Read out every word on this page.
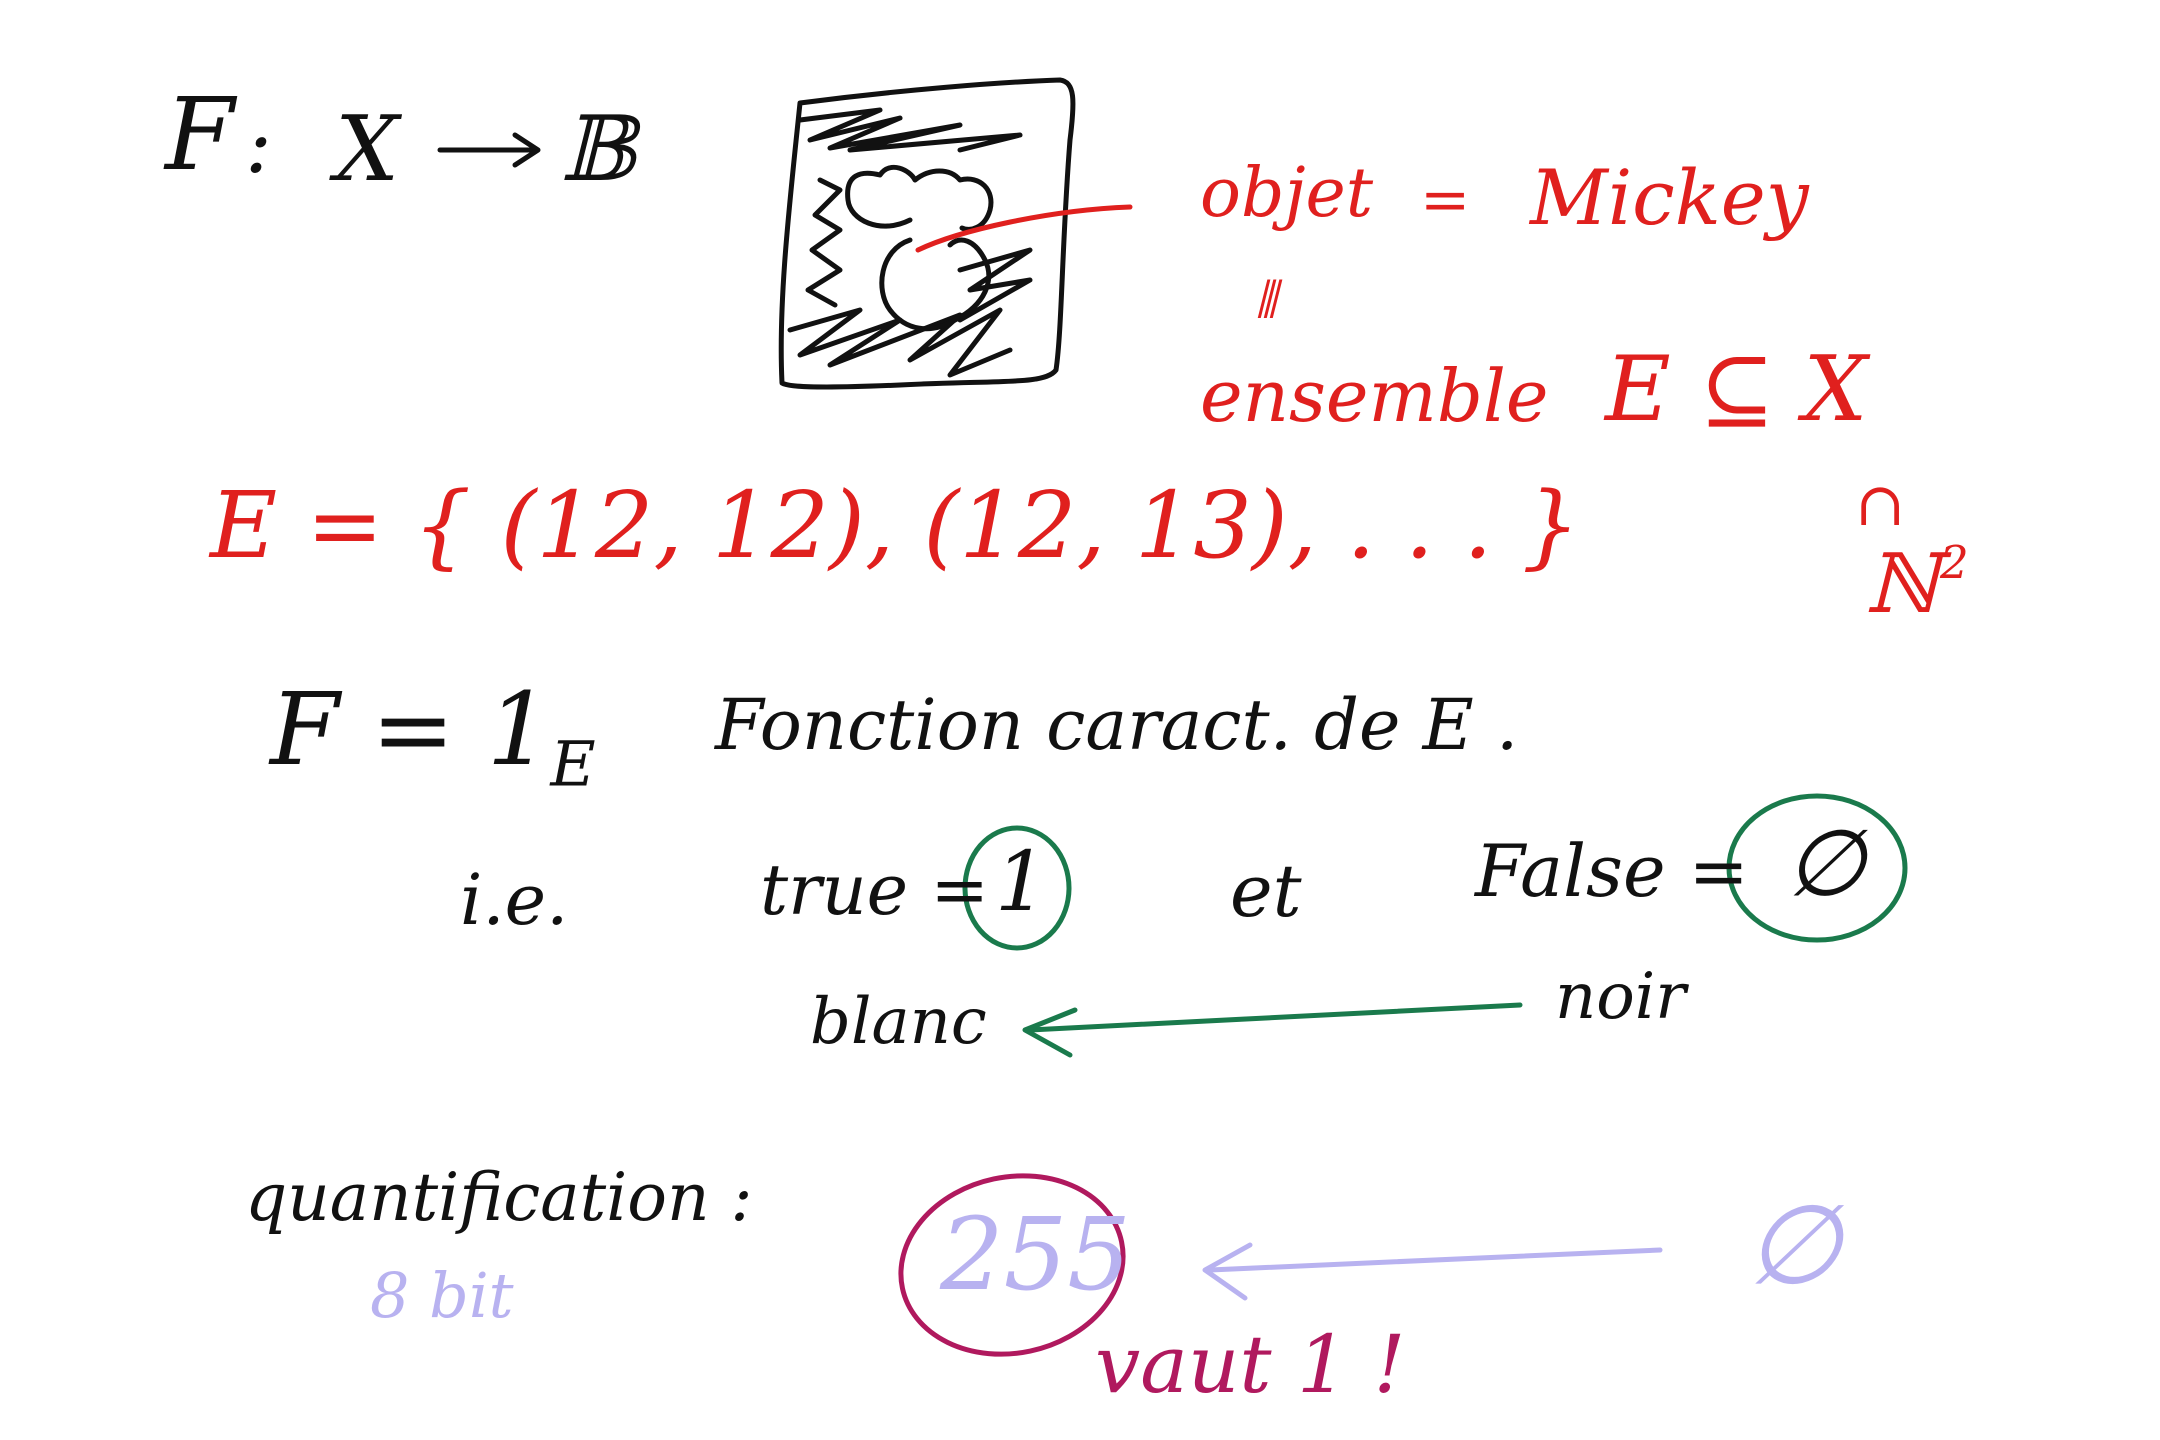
F : X 𝔹	objet = Mickey
⫴
ensemble E ⊆ X
∩
ℕ$^2$
E = { (12, 12), (12, 13), . . . }
$F = 1_E$ Fonction caract. de E .
i.e.	true = 1	et False = ∅
blanc	noir
quantification :
8 bit	255	∅
vaut 1 !
